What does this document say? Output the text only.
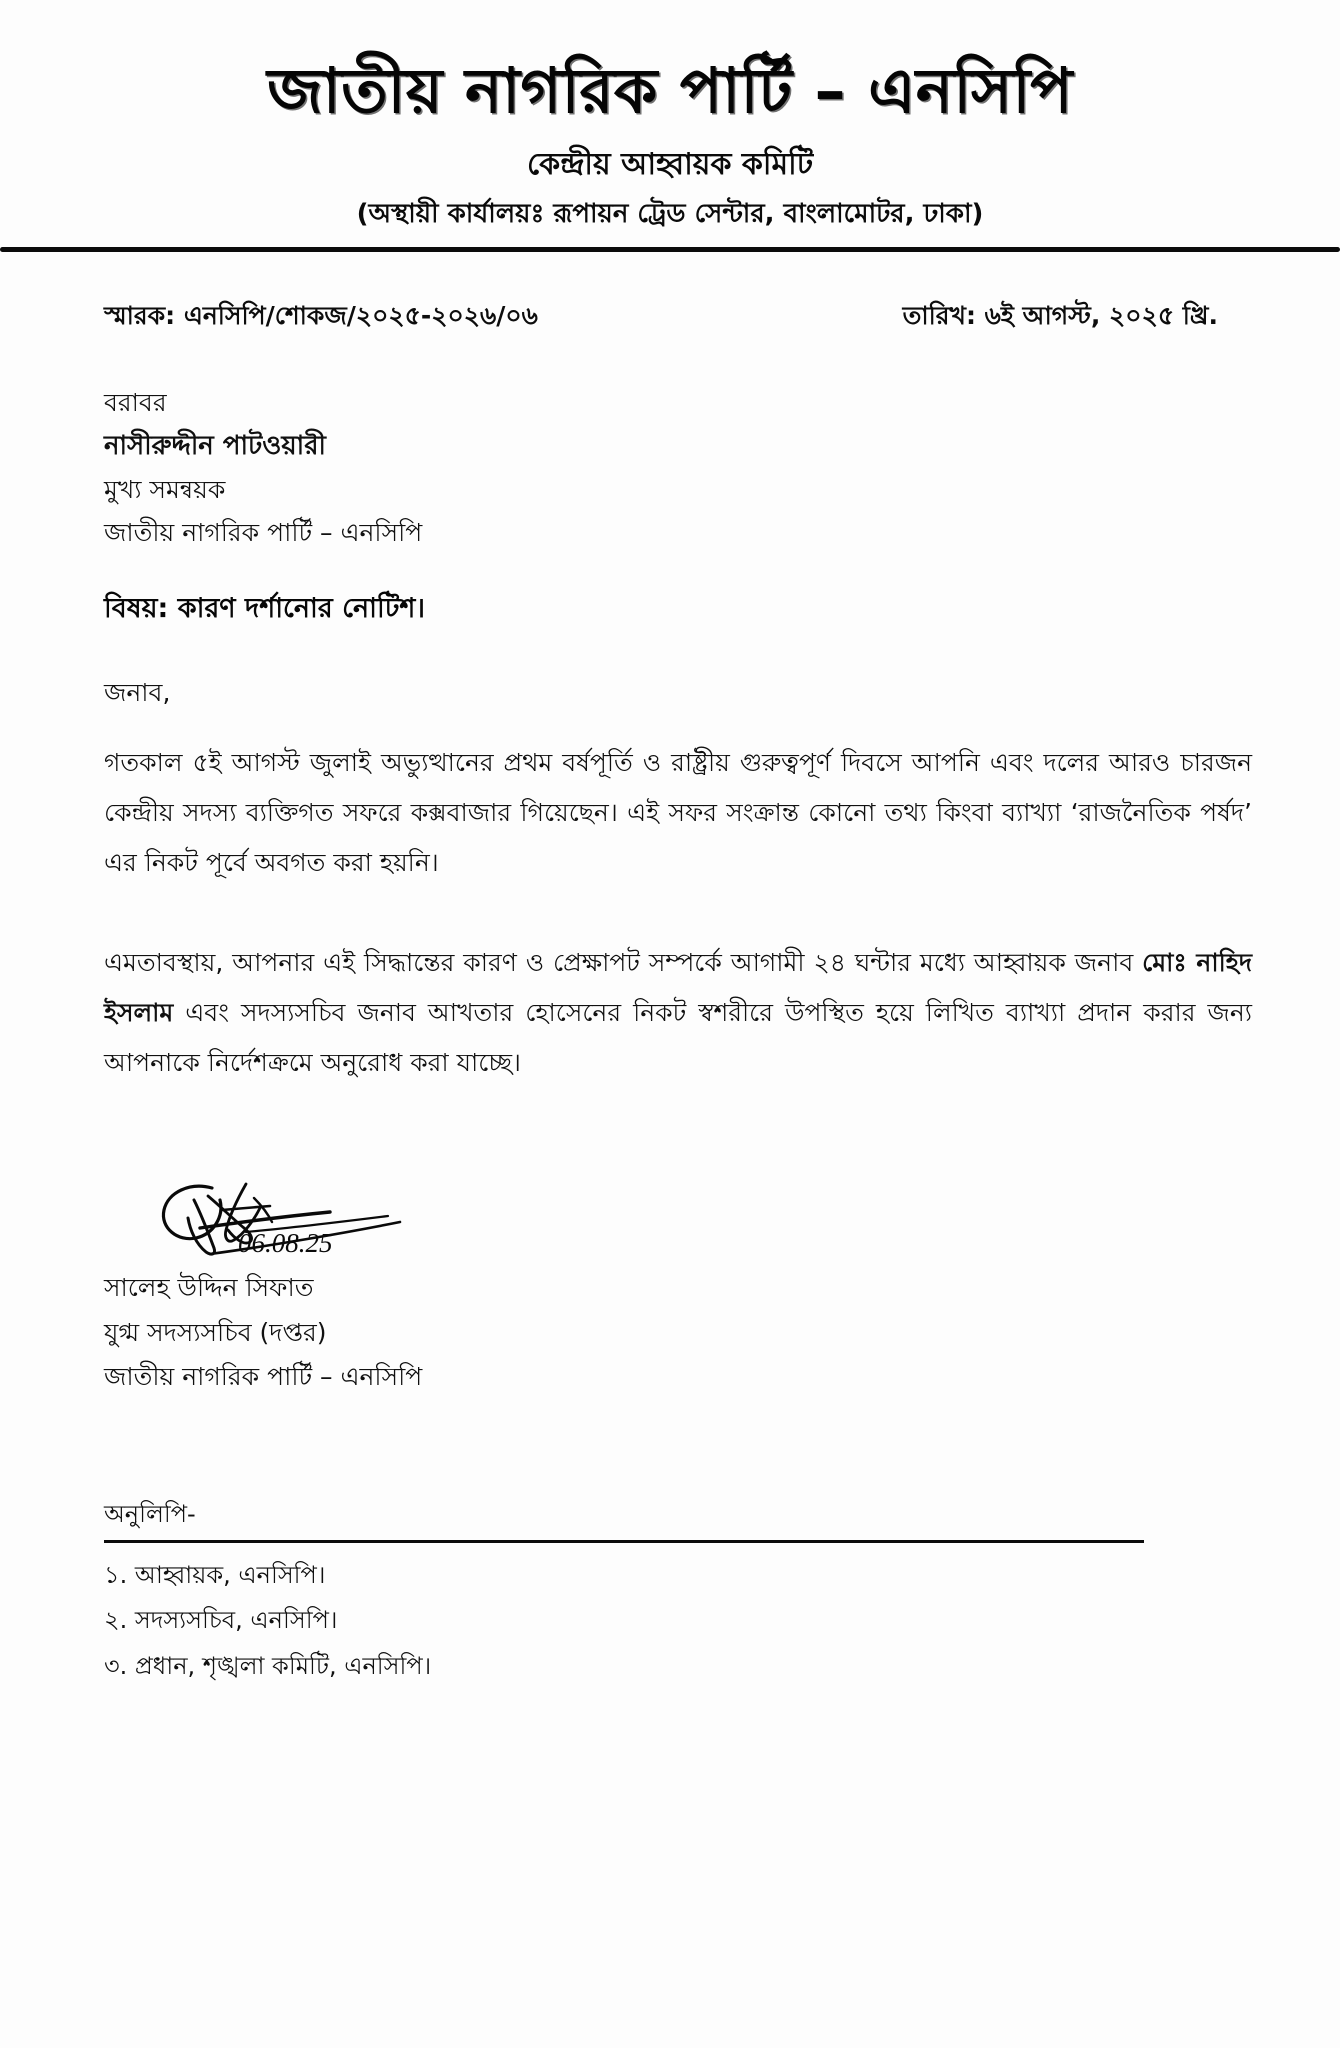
জাতীয় নাগরিক পার্টি – এনসিপি
কেন্দ্রীয় আহ্বায়ক কমিটি
(অস্থায়ী কার্যালয়ঃ রূপায়ন ট্রেড সেন্টার, বাংলামোটর, ঢাকা)
স্মারক: এনসিপি/শোকজ/২০২৫-২০২৬/০৬	তারিখ: ৬ই আগস্ট, ২০২৫ খ্রি.
বরাবর
নাসীরুদ্দীন পাটওয়ারী
মুখ্য সমন্বয়ক
জাতীয় নাগরিক পার্টি – এনসিপি
বিষয়: কারণ দর্শানোর নোটিশ।
জনাব,

গতকাল ৫ই আগস্ট জুলাই অভ্যুত্থানের প্রথম বর্ষপূর্তি ও রাষ্ট্রীয় গুরুত্বপূর্ণ দিবসে আপনি এবং দলের আরও চারজন কেন্দ্রীয় সদস্য ব্যক্তিগত সফরে কক্সবাজার গিয়েছেন। এই সফর সংক্রান্ত কোনো তথ্য কিংবা ব্যাখ্যা ‘রাজনৈতিক পর্ষদ’ এর নিকট পূর্বে অবগত করা হয়নি।

এমতাবস্থায়, আপনার এই সিদ্ধান্তের কারণ ও প্রেক্ষাপট সম্পর্কে আগামী ২৪ ঘন্টার মধ্যে আহ্বায়ক জনাব মোঃ নাহিদ ইসলাম এবং সদস্যসচিব জনাব আখতার হোসেনের নিকট স্বশরীরে উপস্থিত হয়ে লিখিত ব্যাখ্যা প্রদান করার জন্য আপনাকে নির্দেশক্রমে অনুরোধ করা যাচ্ছে।

06.08.25
সালেহ উদ্দিন সিফাত
যুগ্ম সদস্যসচিব (দপ্তর)
জাতীয় নাগরিক পার্টি – এনসিপি
অনুলিপি-
১. আহ্বায়ক, এনসিপি।
২. সদস্যসচিব, এনসিপি।
৩. প্রধান, শৃঙ্খলা কমিটি, এনসিপি।
